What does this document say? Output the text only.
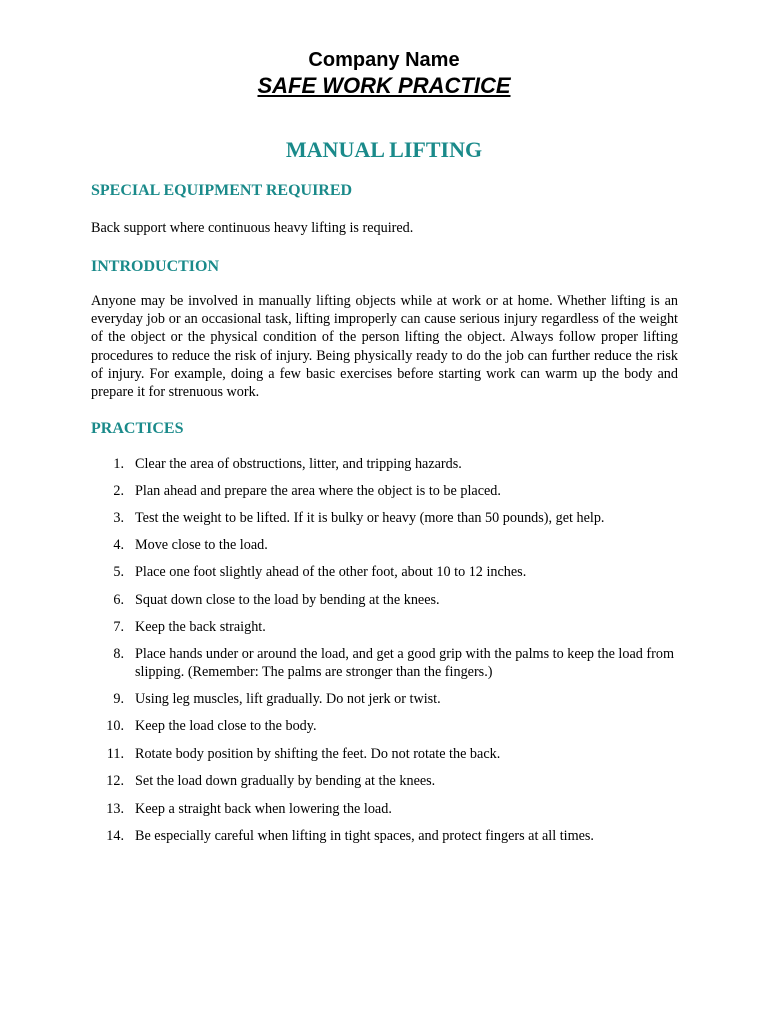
Company Name
SAFE WORK PRACTICE
MANUAL LIFTING
SPECIAL EQUIPMENT REQUIRED
Back support where continuous heavy lifting is required.
INTRODUCTION
Anyone may be involved in manually lifting objects while at work or at home. Whether lifting is an everyday job or an occasional task, lifting improperly can cause serious injury regardless of the weight of the object or the physical condition of the person lifting the object. Always follow proper lifting procedures to reduce the risk of injury. Being physically ready to do the job can further reduce the risk of injury. For example, doing a few basic exercises before starting work can warm up the body and prepare it for strenuous work.
PRACTICES
1. Clear the area of obstructions, litter, and tripping hazards.
2. Plan ahead and prepare the area where the object is to be placed.
3. Test the weight to be lifted. If it is bulky or heavy (more than 50 pounds), get help.
4. Move close to the load.
5. Place one foot slightly ahead of the other foot, about 10 to 12 inches.
6. Squat down close to the load by bending at the knees.
7. Keep the back straight.
8. Place hands under or around the load, and get a good grip with the palms to keep the load from slipping. (Remember: The palms are stronger than the fingers.)
9. Using leg muscles, lift gradually. Do not jerk or twist.
10. Keep the load close to the body.
11. Rotate body position by shifting the feet. Do not rotate the back.
12. Set the load down gradually by bending at the knees.
13. Keep a straight back when lowering the load.
14. Be especially careful when lifting in tight spaces, and protect fingers at all times.
